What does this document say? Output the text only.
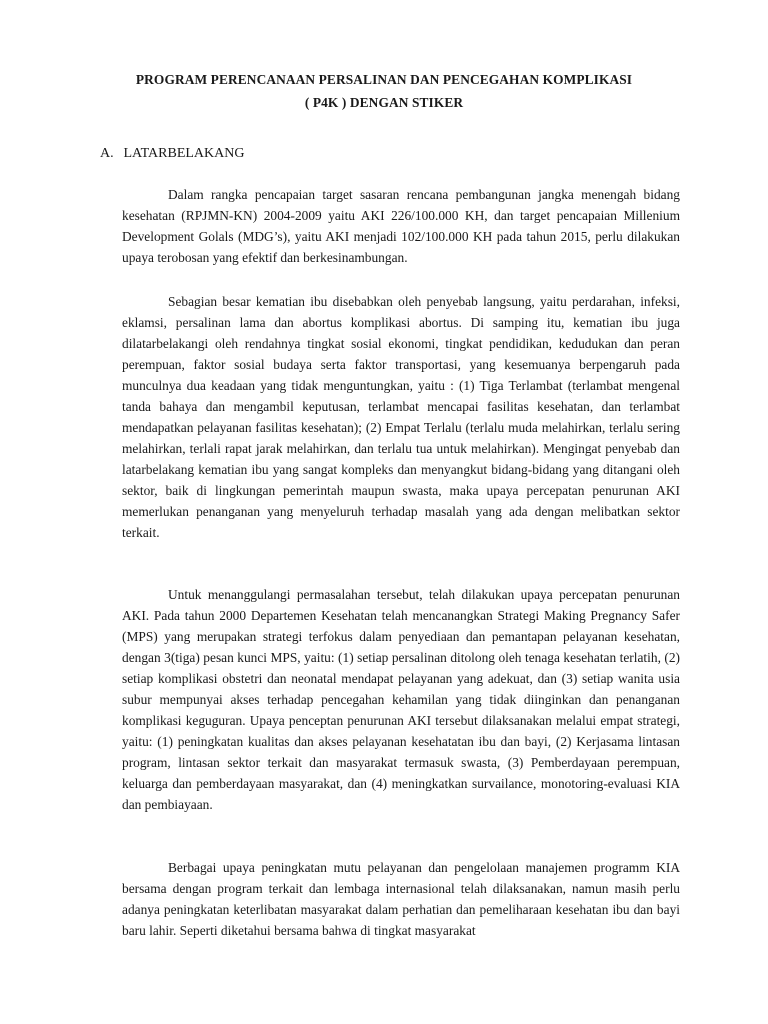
PROGRAM PERENCANAAN PERSALINAN DAN PENCEGAHAN KOMPLIKASI
( P4K ) DENGAN STIKER
A. LATARBELAKANG

Dalam rangka pencapaian target sasaran rencana pembangunan jangka menengah bidang kesehatan (RPJMN-KN) 2004-2009 yaitu AKI 226/100.000 KH, dan target pencapaian Millenium Development Golals (MDG’s), yaitu AKI menjadi 102/100.000 KH pada tahun 2015, perlu dilakukan upaya terobosan yang efektif dan berkesinambungan.

Sebagian besar kematian ibu disebabkan oleh penyebab langsung, yaitu perdarahan, infeksi, eklamsi, persalinan lama dan abortus komplikasi abortus. Di samping itu, kematian ibu juga dilatarbelakangi oleh rendahnya tingkat sosial ekonomi, tingkat pendidikan, kedudukan dan peran perempuan, faktor sosial budaya serta faktor transportasi, yang kesemuanya berpengaruh pada munculnya dua keadaan yang tidak menguntungkan, yaitu : (1) Tiga Terlambat (terlambat mengenal tanda bahaya dan mengambil keputusan, terlambat mencapai fasilitas kesehatan, dan terlambat mendapatkan pelayanan fasilitas kesehatan); (2) Empat Terlalu (terlalu muda melahirkan, terlalu sering melahirkan, terlali rapat jarak melahirkan, dan terlalu tua untuk melahirkan). Mengingat penyebab dan latarbelakang kematian ibu yang sangat kompleks dan menyangkut bidang-bidang yang ditangani oleh sektor, baik di lingkungan pemerintah maupun swasta, maka upaya percepatan penurunan AKI memerlukan penanganan yang menyeluruh terhadap masalah yang ada dengan melibatkan sektor terkait.

Untuk menanggulangi permasalahan tersebut, telah dilakukan upaya percepatan penurunan AKI. Pada tahun 2000 Departemen Kesehatan telah mencanangkan Strategi Making Pregnancy Safer (MPS) yang merupakan strategi terfokus dalam penyediaan dan pemantapan pelayanan kesehatan, dengan 3(tiga) pesan kunci MPS, yaitu: (1) setiap persalinan ditolong oleh tenaga kesehatan terlatih, (2) setiap komplikasi obstetri dan neonatal mendapat pelayanan yang adekuat, dan (3) setiap wanita usia subur mempunyai akses terhadap pencegahan kehamilan yang tidak diinginkan dan penanganan komplikasi keguguran. Upaya penceptan penurunan AKI tersebut dilaksanakan melalui empat strategi, yaitu: (1) peningkatan kualitas dan akses pelayanan kesehatatan ibu dan bayi, (2) Kerjasama lintasan program, lintasan sektor terkait dan masyarakat termasuk swasta, (3) Pemberdayaan perempuan, keluarga dan pemberdayaan masyarakat, dan (4) meningkatkan survailance, monotoring-evaluasi KIA dan pembiayaan.

Berbagai upaya peningkatan mutu pelayanan dan pengelolaan manajemen programm KIA bersama dengan program terkait dan lembaga internasional telah dilaksanakan, namun masih perlu adanya peningkatan keterlibatan masyarakat dalam perhatian dan pemeliharaan kesehatan ibu dan bayi baru lahir. Seperti diketahui bersama bahwa di tingkat masyarakat
